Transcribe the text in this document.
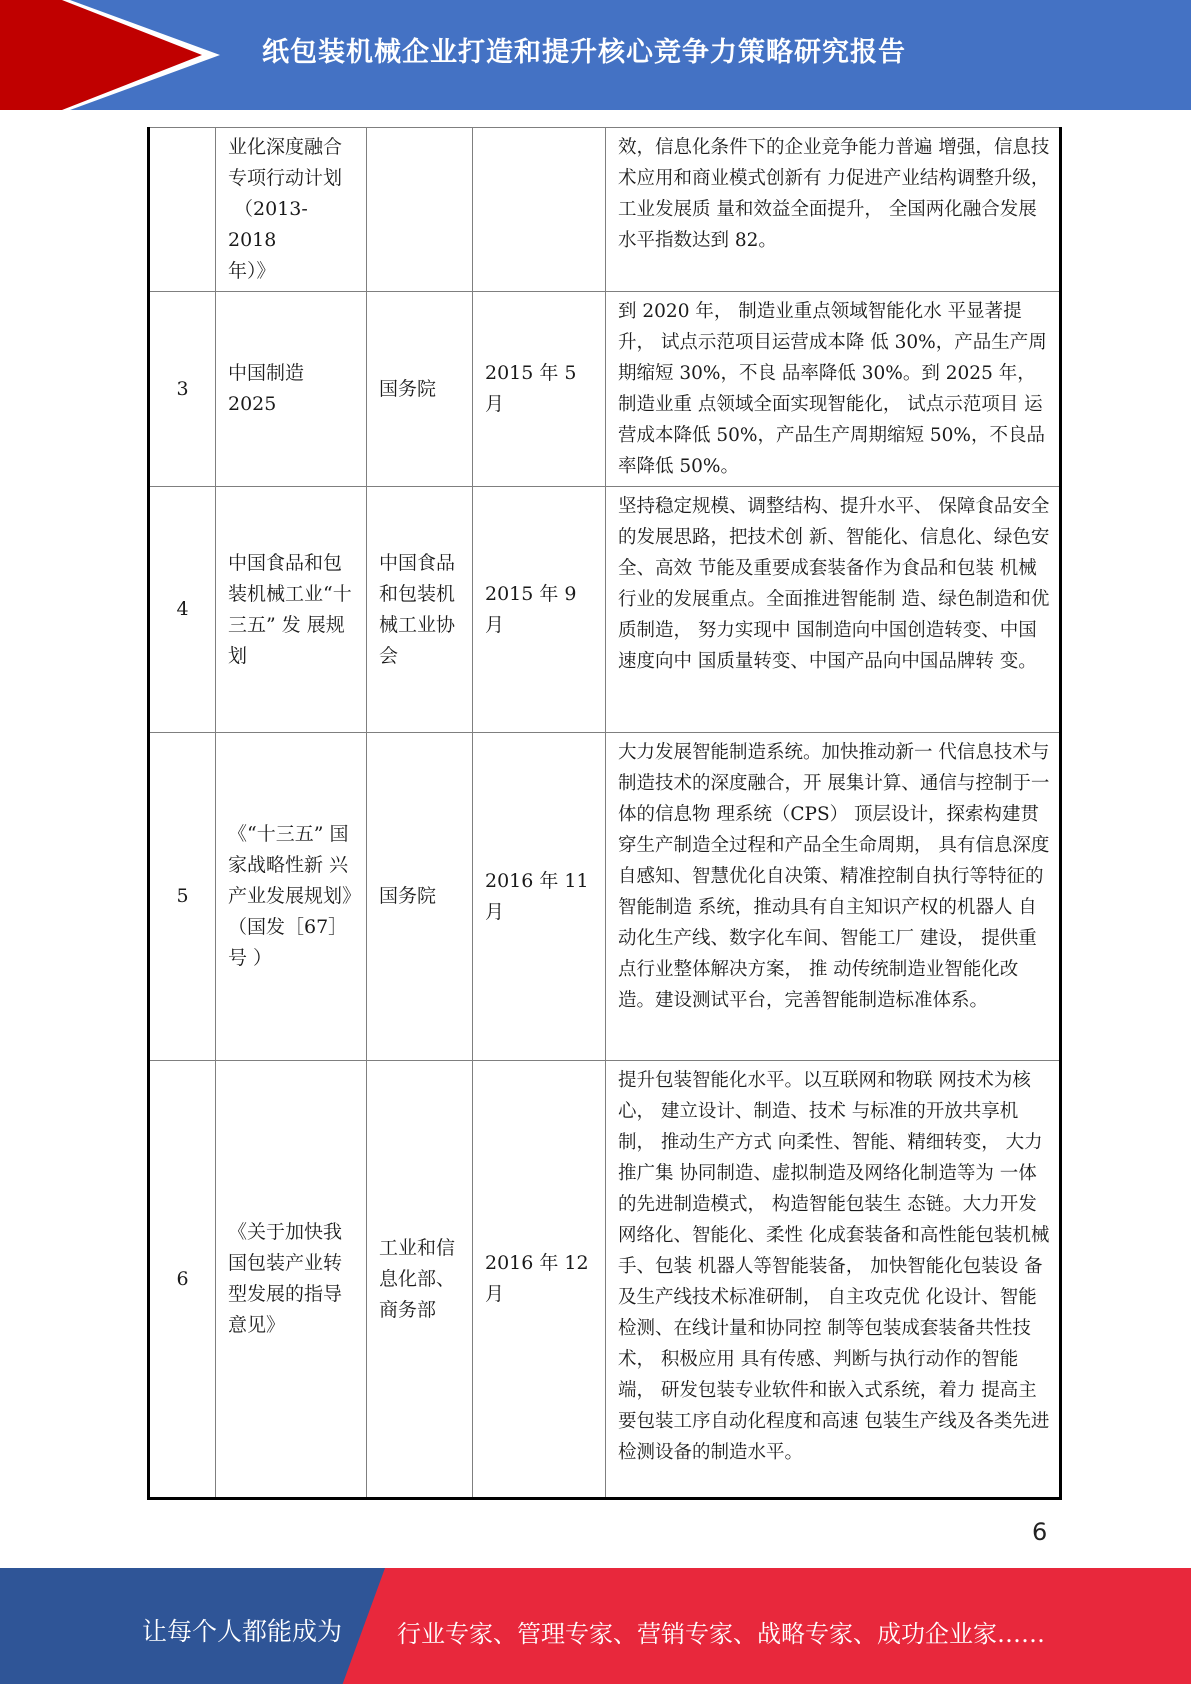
纸包装机械企业打造和提升核心竞争力策略研究报告
	业化深度融合
专项行动计划
（2013-2018
年）》			效，信息化条件下的企业竞争能力普遍 增强，信息技术应用和商业模式创新有 力促进产业结构调整升级， 工业发展质 量和效益全面提升， 全国两化融合发展 水平指数达到 82。
3	中国制造 2025	国务院	2015 年 5 月	到 2020 年， 制造业重点领域智能化水 平显著提升， 试点示范项目运营成本降 低 30%，产品生产周期缩短 30%，不良 品率降低 30%。到 2025 年， 制造业重 点领域全面实现智能化， 试点示范项目 运营成本降低 50%，产品生产周期缩短 50%，不良品率降低 50%。
4	中国食品和包装机械工业“十三五” 发 展规划	中国食品和包装机械工业协会	2015 年 9 月	坚持稳定规模、调整结构、提升水平、 保障食品安全的发展思路，把技术创 新、智能化、信息化、绿色安全、高效 节能及重要成套装备作为食品和包装 机械行业的发展重点。全面推进智能制 造、绿色制造和优质制造， 努力实现中 国制造向中国创造转变、中国速度向中 国质量转变、中国产品向中国品牌转 变。
5	《“十三五” 国家战略性新 兴产业发展规划》（国发［67］号 ）	国务院	2016 年 11 月	大力发展智能制造系统。加快推动新一 代信息技术与制造技术的深度融合，开 展集计算、通信与控制于一体的信息物 理系统（CPS） 顶层设计，探索构建贯 穿生产制造全过程和产品全生命周期， 具有信息深度自感知、智慧优化自决策、精准控制自执行等特征的智能制造 系统，推动具有自主知识产权的机器人 自动化生产线、数字化车间、智能工厂 建设， 提供重点行业整体解决方案， 推 动传统制造业智能化改造。建设测试平台，完善智能制造标准体系。
6	《关于加快我 国包装产业转 型发展的指导 意见》	工业和信 息化部、 商务部	2016 年 12 月	提升包装智能化水平。以互联网和物联 网技术为核心， 建立设计、制造、技术 与标准的开放共享机制， 推动生产方式 向柔性、智能、精细转变， 大力推广集 协同制造、虚拟制造及网络化制造等为 一体的先进制造模式， 构造智能包装生 态链。大力开发网络化、智能化、柔性 化成套装备和高性能包装机械手、包装 机器人等智能装备， 加快智能化包装设 备及生产线技术标准研制， 自主攻克优 化设计、智能检测、在线计量和协同控 制等包装成套装备共性技术， 积极应用 具有传感、判断与执行动作的智能端， 研发包装专业软件和嵌入式系统，着力 提高主要包装工序自动化程度和高速 包装生产线及各类先进检测设备的制造水平。
6
让每个人都能成为 行业专家、管理专家、营销专家、战略专家、成功企业家……
